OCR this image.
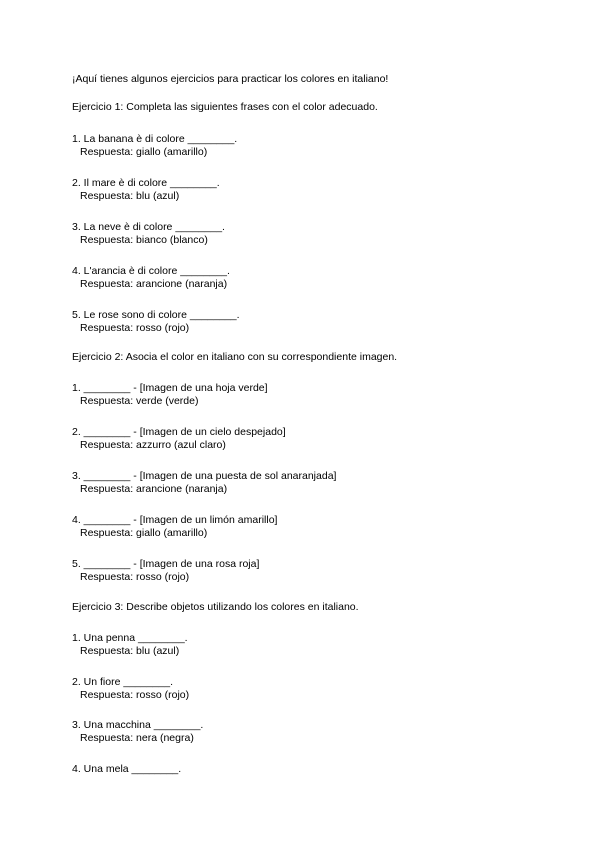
¡Aquí tienes algunos ejercicios para practicar los colores en italiano!
Ejercicio 1: Completa las siguientes frases con el color adecuado.
1. La banana è di colore ________.
Respuesta: giallo (amarillo)
2. Il mare è di colore ________.
Respuesta: blu (azul)
3. La neve è di colore ________.
Respuesta: bianco (blanco)
4. L'arancia è di colore ________.
Respuesta: arancione (naranja)
5. Le rose sono di colore ________.
Respuesta: rosso (rojo)
Ejercicio 2: Asocia el color en italiano con su correspondiente imagen.
1. ________ - [Imagen de una hoja verde]
Respuesta: verde (verde)
2. ________ - [Imagen de un cielo despejado]
Respuesta: azzurro (azul claro)
3. ________ - [Imagen de una puesta de sol anaranjada]
Respuesta: arancione (naranja)
4. ________ - [Imagen de un limón amarillo]
Respuesta: giallo (amarillo)
5. ________ - [Imagen de una rosa roja]
Respuesta: rosso (rojo)
Ejercicio 3: Describe objetos utilizando los colores en italiano.
1. Una penna ________.
Respuesta: blu (azul)
2. Un fiore ________.
Respuesta: rosso (rojo)
3. Una macchina ________.
Respuesta: nera (negra)
4. Una mela ________.
